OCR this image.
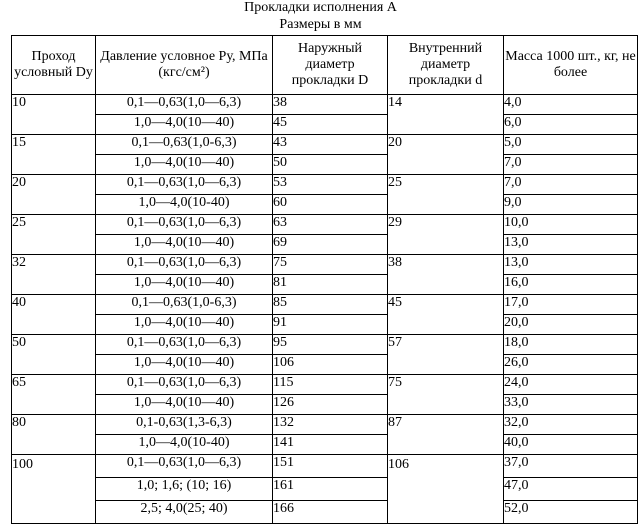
Прокладки исполнения А
Размеры в мм
Проход условный Dy	Давление условное Pу, МПа (кгс/см²)	Наружный диаметр прокладки D	Внутренний диаметр прокладки d	Масса 1000 шт., кг, не более
10	0,1—0,63(1,0—6,3)	38	14	4,0
	1,0—4,0(10—40)	45		6,0
15	0,1—0,63(1,0-6,3)	43	20	5,0
	1,0—4,0(10—40)	50		7,0
20	0,1—0,63(1,0—6,3)	53	25	7,0
	1,0—4,0(10-40)	60		9,0
25	0,1—0,63(1,0—6,3)	63	29	10,0
	1,0—4,0(10—40)	69		13,0
32	0,1—0,63(1,0—6,3)	75	38	13,0
	1,0—4,0(10—40)	81		16,0
40	0,1—0,63(1,0-6,3)	85	45	17,0
	1,0—4,0(10—40)	91		20,0
50	0,1—0,63(1,0—6,3)	95	57	18,0
	1,0—4,0(10—40)	106		26,0
65	0,1—0,63(1,0—6,3)	115	75	24,0
	1,0—4,0(10—40)	126		33,0
80	0,1-0,63(1,3-6,3)	132	87	32,0
	1,0—4,0(10-40)	141		40,0
100	0,1—0,63(1,0—6,3)	151	106	37,0
	1,0; 1,6; (10; 16)	161		47,0
	2,5; 4,0(25; 40)	166		52,0
